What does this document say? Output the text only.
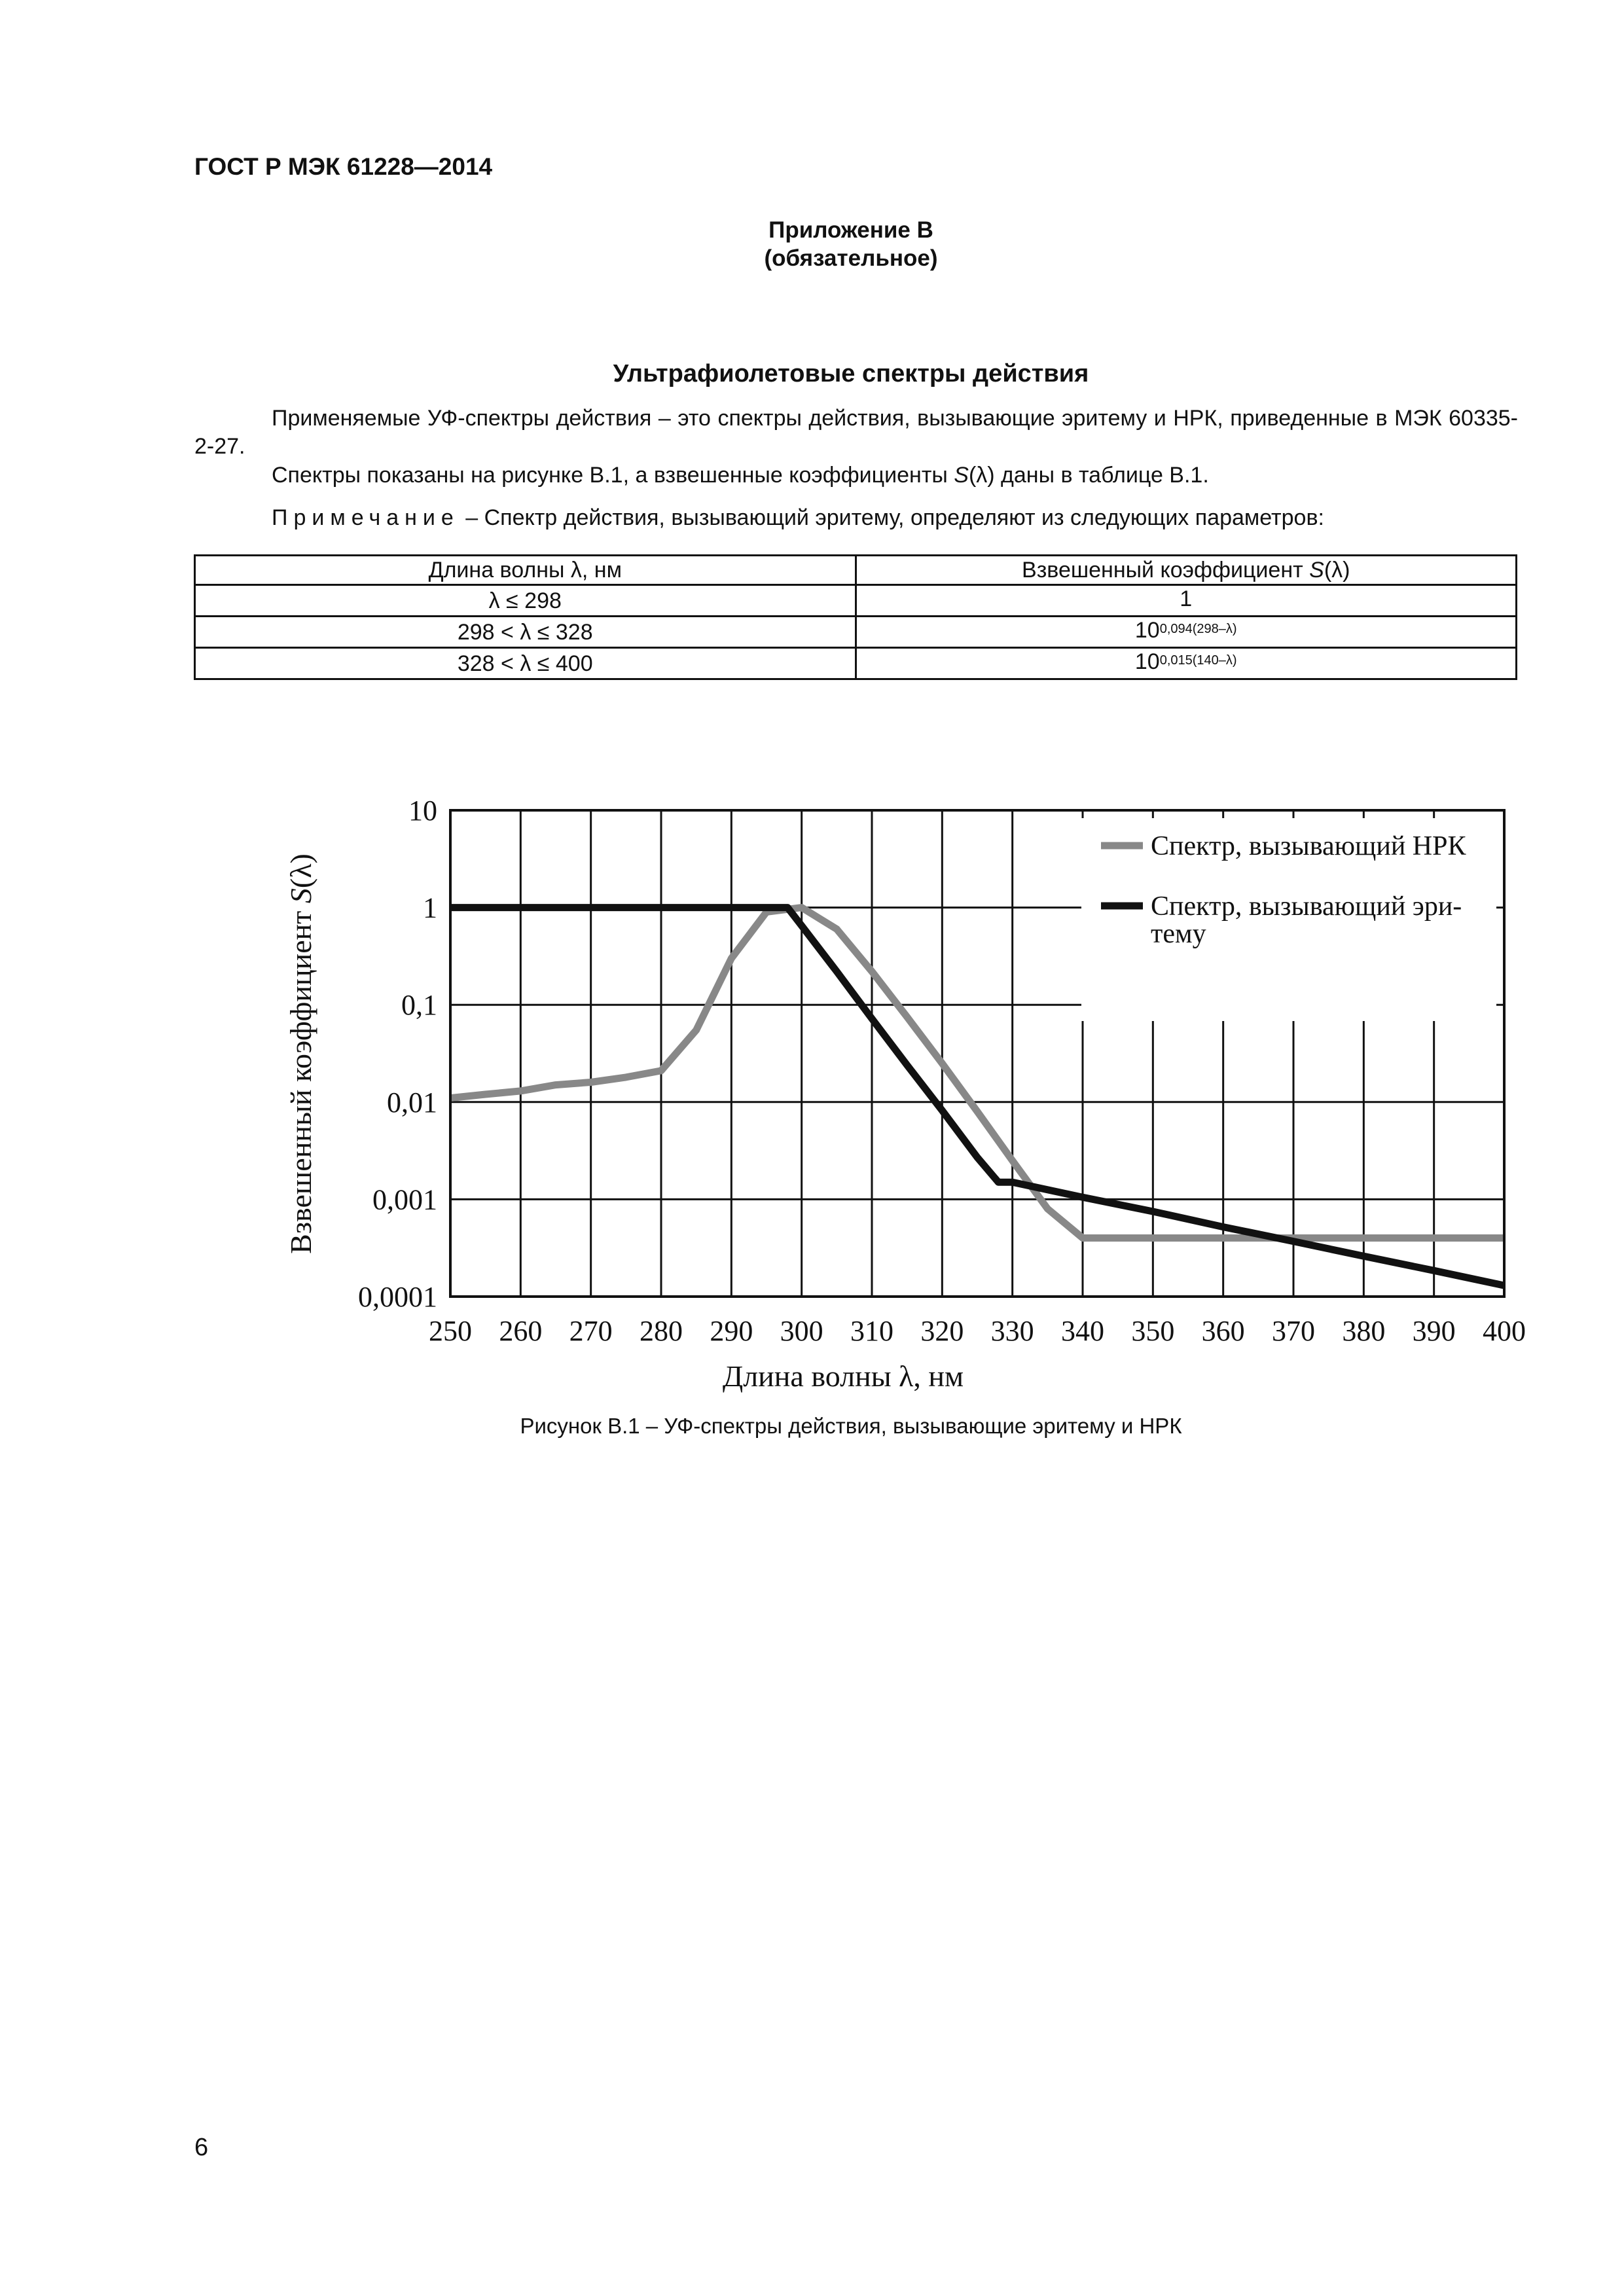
ГОСТ Р МЭК 61228—2014
Приложение В
(обязательное)
Ультрафиолетовые спектры действия
Применяемые УФ-спектры действия – это спектры действия, вызывающие эритему и НРК, приведенные в МЭК 60335-2-27.
Спектры показаны на рисунке В.1, а взвешенные коэффициенты S(λ) даны в таблице В.1.
Примечание – Спектр действия, вызывающий эритему, определяют из следующих параметров:
Длина волны λ, нм	Взвешенный коэффициент S(λ)
λ ≤ 298	1
298 < λ ≤ 328	$10^{0,094(298-\lambda)}$
328 < λ ≤ 400	$10^{0,015(140-\lambda)}$
Спектр, вызывающий НРК
Спектр, вызывающий эри-
тему
250 260 270 280 290 300 310 320 330 340 350 360 370 380 390 400
10
1
0,1
0,01
0,001
0,0001
Длина волны λ, нм
Взвешенный коэффициент S(λ)
Рисунок В.1 – УФ-спектры действия, вызывающие эритему и НРК
6
